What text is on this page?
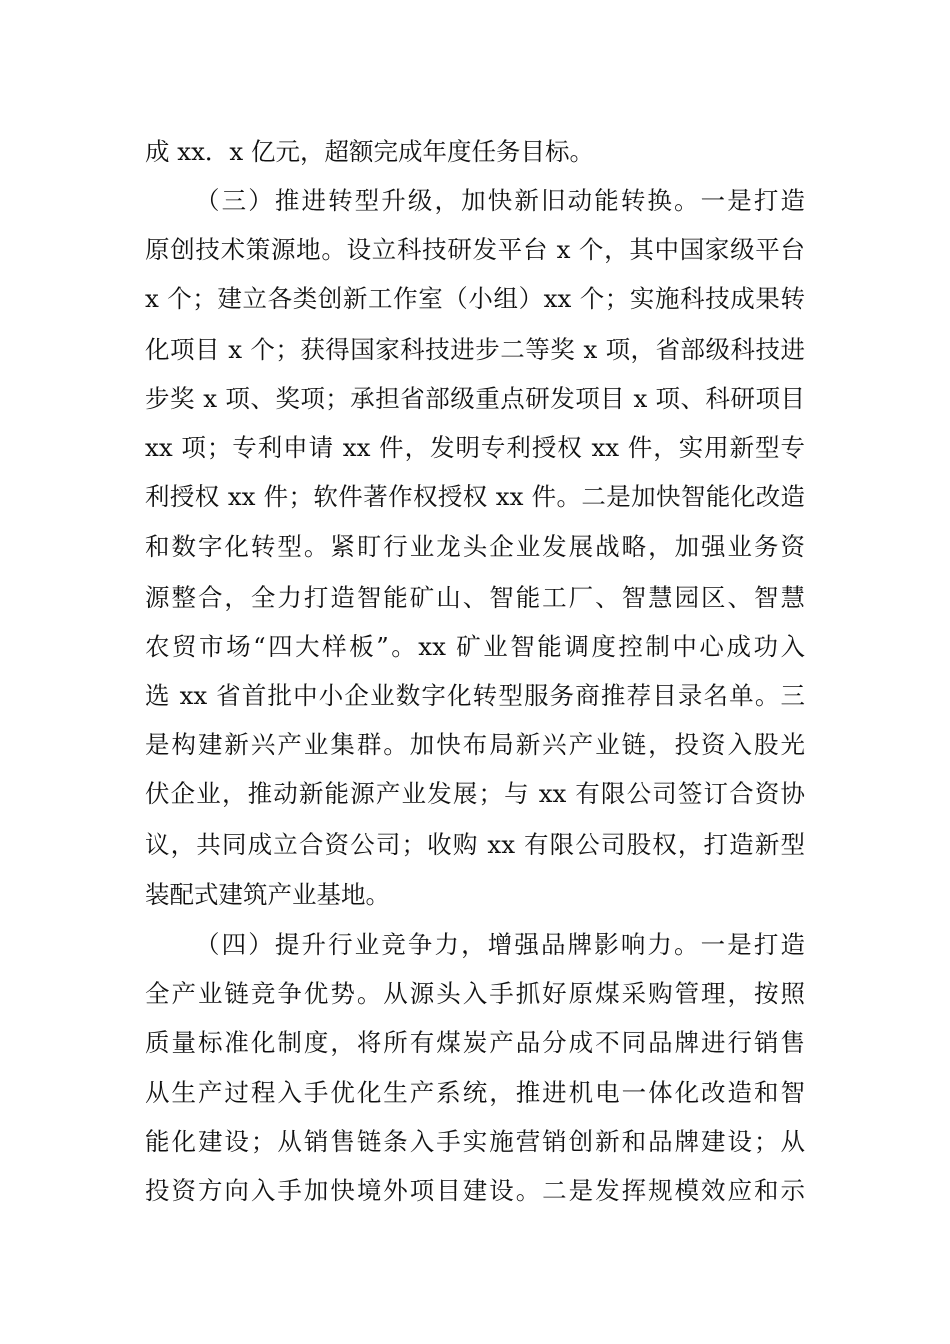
成 xx．x 亿元，超额完成年度任务目标。
（三）推进转型升级，加快新旧动能转换。一是打造
原创技术策源地。设立科技研发平台 x 个，其中国家级平台
x 个；建立各类创新工作室（小组）xx 个；实施科技成果转
化项目 x 个；获得国家科技进步二等奖 x 项，省部级科技进
步奖 x 项、奖项；承担省部级重点研发项目 x 项、科研项目
xx 项；专利申请 xx 件，发明专利授权 xx 件，实用新型专
利授权 xx 件；软件著作权授权 xx 件。二是加快智能化改造
和数字化转型。紧盯行业龙头企业发展战略，加强业务资
源整合，全力打造智能矿山、智能工厂、智慧园区、智慧
农贸市场“四大样板”。xx 矿业智能调度控制中心成功入
选 xx 省首批中小企业数字化转型服务商推荐目录名单。三
是构建新兴产业集群。加快布局新兴产业链，投资入股光
伏企业，推动新能源产业发展；与 xx 有限公司签订合资协
议，共同成立合资公司；收购 xx 有限公司股权，打造新型
装配式建筑产业基地。
（四）提升行业竞争力，增强品牌影响力。一是打造
全产业链竞争优势。从源头入手抓好原煤采购管理，按照
质量标准化制度，将所有煤炭产品分成不同品牌进行销售
从生产过程入手优化生产系统，推进机电一体化改造和智
能化建设；从销售链条入手实施营销创新和品牌建设；从
投资方向入手加快境外项目建设。二是发挥规模效应和示
